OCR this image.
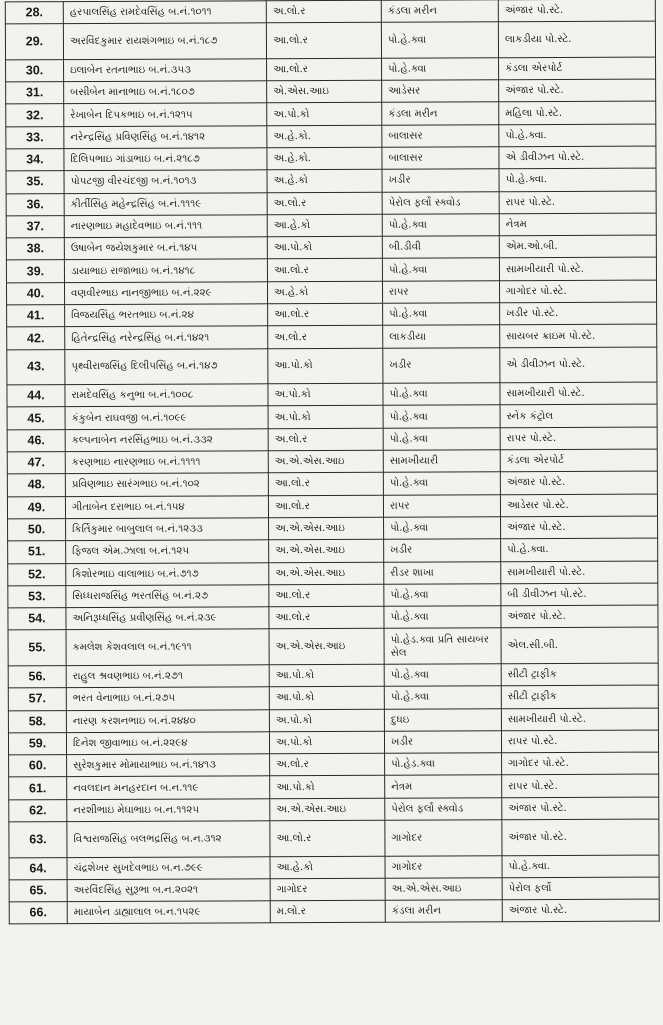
28.	હરપાલસિંહ રામદેવસિંહ બ.નં.૧૦૧૧	અ.લો.ર	કંડલા મરીન	અંજાર પો.સ્ટે.
29.	અરવિંદકુમાર રાયશંગભાઇ બ.નં.૧૮૭	આ.લો.ર	પો.હે.ક્વા	લાકડીયા પો.સ્ટે.
30.	ઇલાબેન રતનાભાઇ બ.નં.૩૫૩	આ.લો.ર	પો.હે.ક્વા	કંડલા એરપોર્ટ
31.	બસીબેન માનાભાઇ બ.નં.૧૮૦૭	એ.એસ.આઇ	આડેસર	અંજાર પો.સ્ટે.
32.	રેખાબેન દિપકભાઇ બ.નં.૧૨૧૫	અ.પો.કો	કંડલા મરીન	મહિલા પો.સ્ટે.
33.	નરેન્દ્રસિંહ પ્રવિણસિંહ બ.નં.૧૪૧૨	અ.હે.કો.	બાલાસર	પો.હે.ક્વા.
34.	દિલિપભાઇ ગાંડાભાઇ બ.નં.૨૧૮૭	અ.હે.કો.	બાલાસર	એ ડીવીઝન પો.સ્ટે.
35.	પોપટજી વીરચંદજી બ.નં.૧૦૧૩	અ.હે.કો	ખડીર	પો.હે.ક્વા.
36.	કીર્તીસિંહ મહેન્દ્રસિંહ બ.નં.૧૧૧૯	અ.લો.ર	પેરોલ ફર્લો સ્ક્વોડ	રાપર પો.સ્ટે.
37.	નારણભાઇ મહાદેવભાઇ બ.નં.૧૧૧	આ.હે.કો	પો.હે.ક્વા	નેત્રમ
38.	ઉષાબેન જયેશકુમાર બ.નં.૧૪૫	આ.પો.કો	બી.ડીવી	એમ.ઓ.બી.
39.	ડાયાભાઇ રાજાભાઇ બ.નં.૧૪૧૮	આ.લો.ર	પો.હે.ક્વા	સામખીયારી પો.સ્ટે.
40.	વણવીરભાઇ નાનજીભાઇ બ.નં.૨૨૯	અ.હે.કો	રાપર	ગાગોદર પો.સ્ટે.
41.	વિજયસિંહ ભરતભાઇ બ.નં.૨૪	આ.લો.ર	પો.હે.ક્વા	ખડીર પો.સ્ટે.
42.	હિતેન્દ્રસિંહ નરેન્દ્રસિંહ બ.નં.૧૪૨૧	અ.લો.ર	લાકડીયા	સાયબર ક્રાઇમ પો.સ્ટે.
43.	પૃથ્વીરાજસિંહ દિલીપસિંહ બ.નં.૧૪૭	આ.પો.કો	ખડીર	એ ડીવીઝન પો.સ્ટે.
44.	રામદેવસિંહ કનુભા બ.નં.૧૦૦૮	અ.પો.કો	પો.હે.ક્વા	સામખીયારી પો.સ્ટે.
45.	કંકુબેન રાઘવજી બ.નં.૧૦૯૯	અ.પો.કો	પો.હે.ક્વા	સ્નેક કંટ્રોલ
46.	કલ્પનાબેન નરસિંહભાઇ બ.નં.૩૩૨	અ.લો.ર	પો.હે.ક્વા	રાપર પો.સ્ટે.
47.	કરણભાઇ નારણભાઇ બ.નં.૧૧૧૧	અ.એ.એસ.આઇ	સામખીયારી	કંડલા એરપોર્ટ
48.	પ્રવિણભાઇ સારંગભાઇ બ.નં.૧૦૨	આ.લો.ર	પો.હે.ક્વા	અંજાર પો.સ્ટે.
49.	ગીતાબેન દરાભાઇ બ.નં.૧૫૪	આ.લો.ર	રાપર	આડેસર પો.સ્ટે.
50.	કિર્તિકુમાર બાબુલાલ બ.નં.૧૨૩૩	અ.એ.એસ.આઇ	પો.હે.ક્વા	અંજાર પો.સ્ટે.
51.	ફિજલ એમ.ઝાલા બ.નં.૧૨૫	અ.એ.એસ.આઇ	ખડીર	પો.હે.ક્વા.
52.	કિશોરભાઇ વાલાભાઇ બ.નં.૭૧૭	અ.એ.એસ.આઇ	રીડર શાખા	સામખીયારી પો.સ્ટે.
53.	સિધ્ધરાજસિંહ ભરતસિંહ બ.નં.૨૭	આ.લો.ર	પો.હે.ક્વા	બી ડીવીઝન પો.સ્ટે.
54.	અનિરૂધ્ધસિંહ પ્રવીણસિંહ બ.નં.૨૩૯	આ.લો.ર	પો.હે.ક્વા	અંજાર પો.સ્ટે.
55.	કમલેશ કેશવલાલ બ.નં.૧૯૧૧	અ.એ.એસ.આઇ	પો.હેડ.ક્વા પ્રતિ સાયબર સેલ	એલ.સી.બી.
56.	રાહુલ શ્રવણભાઇ બ.નં.૨૭૧	આ.પો.કો	પો.હે.ક્વા	સીટી ટ્રાફીક
57.	ભરત વેનાભાઇ બ.નં.૨૭૫	આ.પો.કો	પો.હે.ક્વા	સીટી ટ્રાફીક
58.	નારણ કરશનભાઇ બ.નં.૨૪૪૦	અ.પો.કો	દુધઇ	સામખીયારી પો.સ્ટે.
59.	દિનેશ જીવાભાઇ બ.નં.૨૨૯૪	અ.પો.કો	ખડીર	રાપર પો.સ્ટે.
60.	સુરેશકુમાર મોમાયાભાઇ બ.નં.૧૪૧૩	અ.લો.ર	પો.હેડ.ક્વા	ગાગોદર પો.સ્ટે.
61.	નવલદાન મનહરદાન બ.ન.૧૧૯	આ.પો.કો	નેત્રમ	રાપર પો.સ્ટે.
62.	નરશીભાઇ મેઘાભાઇ બ.ન.૧૧૨૫	અ.એ.એસ.આઇ	પેરોલ ફર્લો સ્ક્વોડ	અંજાર પો.સ્ટે.
63.	વિશ્વરાજસિંહ બલભદ્રસિંહ બ.ન.૩૧૨	આ.લો.ર	ગાગોદર	અંજાર પો.સ્ટે.
64.	ચંદ્રશેખર સુખદેવભાઇ બ.ન.૭૯૯	આ.હે.કો	ગાગોદર	પો.હે.ક્વા.
65.	અરવિંદસિંહ સુરૂભા બ.ન.૨૦૨૧	ગાગોદર	અ.એ.એસ.આઇ	પેરોલ ફર્લો
66.	માયાબેન ડાહ્યાલાલ બ.ન.૧૫૨૯	મ.લો.ર	કંડલા મરીન	અંજાર પો.સ્ટે.
